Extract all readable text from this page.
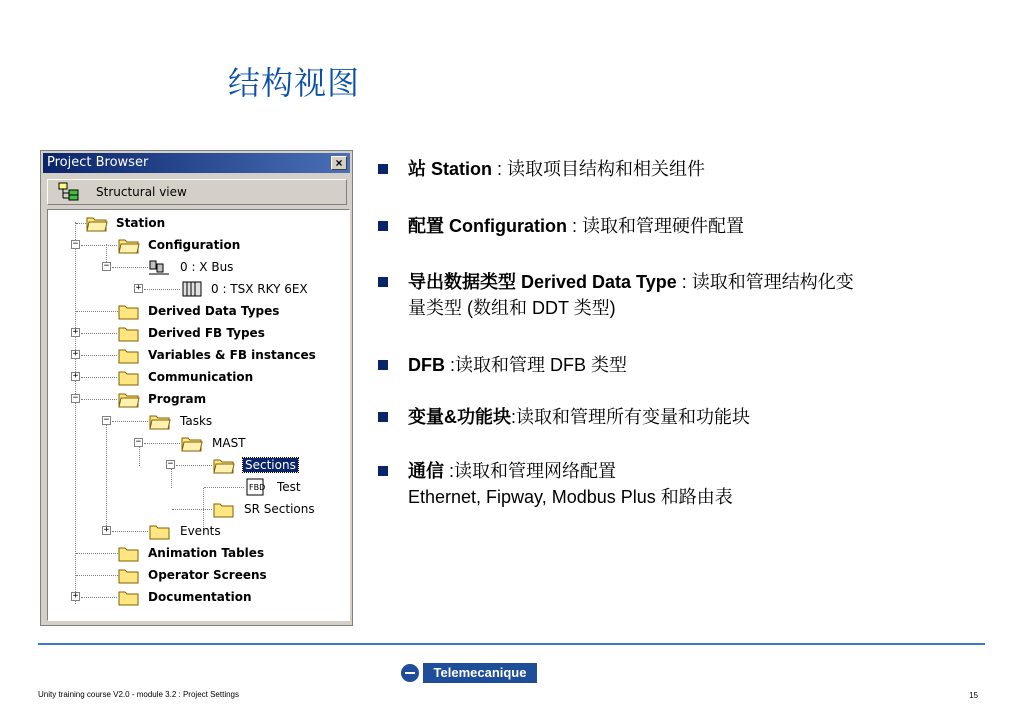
结构视图
Project Browser	×
Structural view
Station
−	Configuration
−	0 : X Bus
+	0 : TSX RKY 6EX
Derived Data Types
+	Derived FB Types
+	Variables & FB instances
+	Communication
−	Program
−	Tasks
−	MAST
−	Sections
FBD Test
SR Sections
+	Events
Animation Tables
Operator Screens
+	Documentation
站 Station : 读取项目结构和相关组件
配置 Configuration : 读取和管理硬件配置
导出数据类型 Derived Data Type : 读取和管理结构化变
量类型 (数组和 DDT 类型)
DFB :读取和管理 DFB 类型
变量&功能块:读取和管理所有变量和功能块
通信 :读取和管理网络配置
Ethernet, Fipway, Modbus Plus 和路由表
Telemecanique
Unity training course V2.0 - module 3.2 : Project Settings	15
